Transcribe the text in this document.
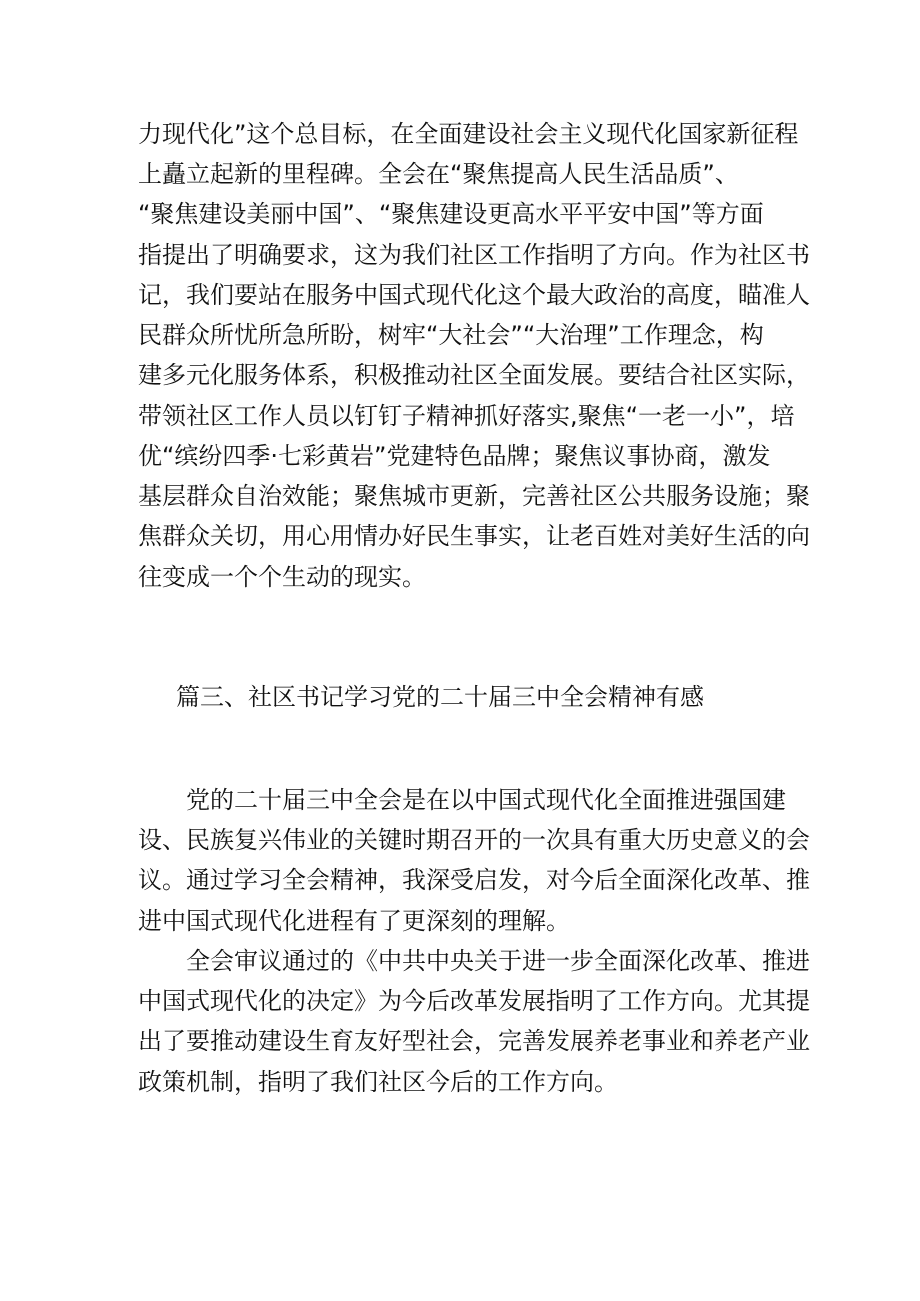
力现代化”这个总目标，在全面建设社会主义现代化国家新征程
上矗立起新的里程碑。全会在“聚焦提高人民生活品质”、
“聚焦建设美丽中国”、“聚焦建设更高水平平安中国”等方面
指提出了明确要求，这为我们社区工作指明了方向。作为社区书
记，我们要站在服务中国式现代化这个最大政治的高度，瞄准人
民群众所忧所急所盼，树牢“大社会”“大治理”工作理念，构
建多元化服务体系，积极推动社区全面发展。要结合社区实际，
带领社区工作人员以钉钉子精神抓好落实,聚焦“一老一小”，培
优“缤纷四季·七彩黄岩”党建特色品牌；聚焦议事协商，激发
基层群众自治效能；聚焦城市更新，完善社区公共服务设施；聚
焦群众关切，用心用情办好民生事实，让老百姓对美好生活的向
往变成一个个生动的现实。
篇三、社区书记学习党的二十届三中全会精神有感
党的二十届三中全会是在以中国式现代化全面推进强国建
设、民族复兴伟业的关键时期召开的一次具有重大历史意义的会
议。通过学习全会精神，我深受启发，对今后全面深化改革、推
进中国式现代化进程有了更深刻的理解。
全会审议通过的《中共中央关于进一步全面深化改革、推进
中国式现代化的决定》为今后改革发展指明了工作方向。尤其提
出了要推动建设生育友好型社会，完善发展养老事业和养老产业
政策机制，指明了我们社区今后的工作方向。
